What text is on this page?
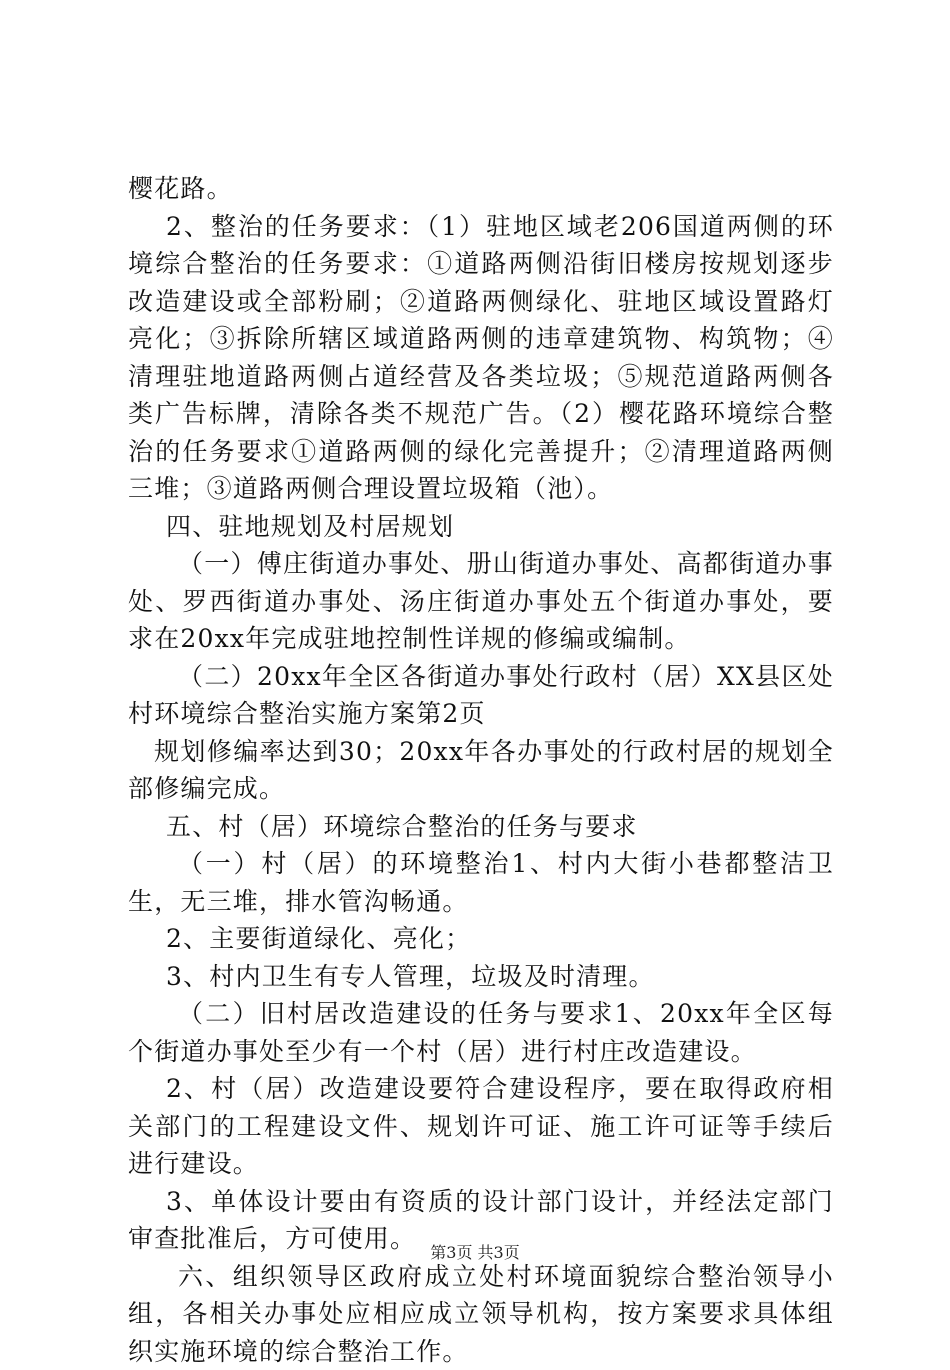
樱花路。

2、整治的任务要求：（1）驻地区域老206国道两侧的环境综合整治的任务要求：①道路两侧沿街旧楼房按规划逐步改造建设或全部粉刷；②道路两侧绿化、驻地区域设置路灯亮化；③拆除所辖区域道路两侧的违章建筑物、构筑物；④清理驻地道路两侧占道经营及各类垃圾；⑤规范道路两侧各类广告标牌，清除各类不规范广告。（2）樱花路环境综合整治的任务要求①道路两侧的绿化完善提升；②清理道路两侧三堆；③道路两侧合理设置垃圾箱（池）。

四、驻地规划及村居规划

（一）傅庄街道办事处、册山街道办事处、高都街道办事处、罗西街道办事处、汤庄街道办事处五个街道办事处，要求在20xx年完成驻地控制性详规的修编或编制。

（二）20xx年全区各街道办事处行政村（居）XX县区处村环境综合整治实施方案第2页

规划修编率达到30；20xx年各办事处的行政村居的规划全部修编完成。

五、村（居）环境综合整治的任务与要求

（一）村（居）的环境整治1、村内大街小巷都整洁卫生，无三堆，排水管沟畅通。

2、主要街道绿化、亮化；

3、村内卫生有专人管理，垃圾及时清理。

（二）旧村居改造建设的任务与要求1、20xx年全区每个街道办事处至少有一个村（居）进行村庄改造建设。

2、村（居）改造建设要符合建设程序，要在取得政府相关部门的工程建设文件、规划许可证、施工许可证等手续后进行建设。

3、单体设计要由有资质的设计部门设计，并经法定部门审查批准后，方可使用。

六、组织领导区政府成立处村环境面貌综合整治领导小组，各相关办事处应相应成立领导机构，按方案要求具体组织实施环境的综合整治工作。

第3页 共3页
